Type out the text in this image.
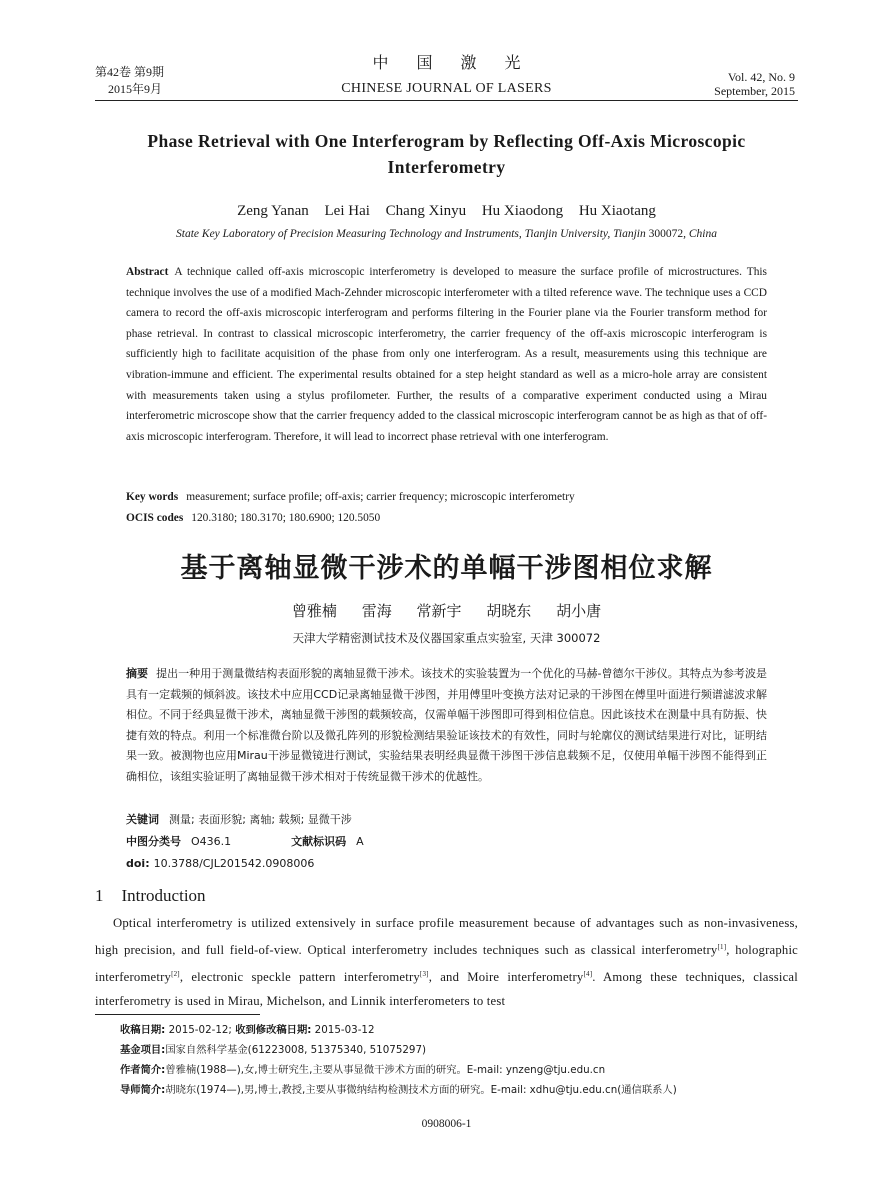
第42卷 第9期
2015年9月
中国激光
CHINESE JOURNAL OF LASERS
Vol. 42, No. 9
September, 2015
Phase Retrieval with One Interferogram by Reflecting Off-Axis Microscopic Interferometry
Zeng Yanan Lei Hai Chang Xinyu Hu Xiaodong Hu Xiaotang
State Key Laboratory of Precision Measuring Technology and Instruments, Tianjin University, Tianjin 300072, China
Abstract A technique called off-axis microscopic interferometry is developed to measure the surface profile of microstructures. This technique involves the use of a modified Mach-Zehnder microscopic interferometer with a tilted reference wave. The technique uses a CCD camera to record the off-axis microscopic interferogram and performs filtering in the Fourier plane via the Fourier transform method for phase retrieval. In contrast to classical microscopic interferometry, the carrier frequency of the off-axis microscopic interferogram is sufficiently high to facilitate acquisition of the phase from only one interferogram. As a result, measurements using this technique are vibration-immune and efficient. The experimental results obtained for a step height standard as well as a micro-hole array are consistent with measurements taken using a stylus profilometer. Further, the results of a comparative experiment conducted using a Mirau interferometric microscope show that the carrier frequency added to the classical microscopic interferogram cannot be as high as that of off-axis microscopic interferogram. Therefore, it will lead to incorrect phase retrieval with one interferogram.
Key words measurement; surface profile; off-axis; carrier frequency; microscopic interferometry
OCIS codes 120.3180; 180.3170; 180.6900; 120.5050
基于离轴显微干涉术的单幅干涉图相位求解
曾雅楠 雷海 常新宇 胡晓东 胡小唐
天津大学精密测试技术及仪器国家重点实验室, 天津 300072
摘要 提出一种用于测量微结构表面形貌的离轴显微干涉术。该技术的实验装置为一个优化的马赫-曾德尔干涉仪。其特点为参考波是具有一定载频的倾斜波。该技术中应用CCD记录离轴显微干涉图，并用傅里叶变换方法对记录的干涉图在傅里叶面进行频谱滤波求解相位。不同于经典显微干涉术，离轴显微干涉图的载频较高，仅需单幅干涉图即可得到相位信息。因此该技术在测量中具有防振、快捷有效的特点。利用一个标准微台阶以及微孔阵列的形貌检测结果验证该技术的有效性，同时与轮廓仪的测试结果进行对比，证明结果一致。被测物也应用Mirau干涉显微镜进行测试，实验结果表明经典显微干涉图干涉信息载频不足，仅使用单幅干涉图不能得到正确相位，该组实验证明了离轴显微干涉术相对于传统显微干涉术的优越性。
关键词 测量; 表面形貌; 离轴; 载频; 显微干涉
中图分类号 O436.1	文献标识码 A
doi: 10.3788/CJL201542.0908006
1 Introduction
Optical interferometry is utilized extensively in surface profile measurement because of advantages such as non-invasiveness, high precision, and full field-of-view. Optical interferometry includes techniques such as classical interferometry[1], holographic interferometry[2], electronic speckle pattern interferometry[3], and Moire interferometry[4]. Among these techniques, classical interferometry is used in Mirau, Michelson, and Linnik interferometers to test
收稿日期: 2015-02-12; 收到修改稿日期: 2015-03-12
基金项目:国家自然科学基金(61223008, 51375340, 51075297)
作者简介:曾雅楠(1988—),女,博士研究生,主要从事显微干涉术方面的研究。E-mail: ynzeng@tju.edu.cn
导师简介:胡晓东(1974—),男,博士,教授,主要从事微纳结构检测技术方面的研究。E-mail: xdhu@tju.edu.cn(通信联系人)
0908006-1
